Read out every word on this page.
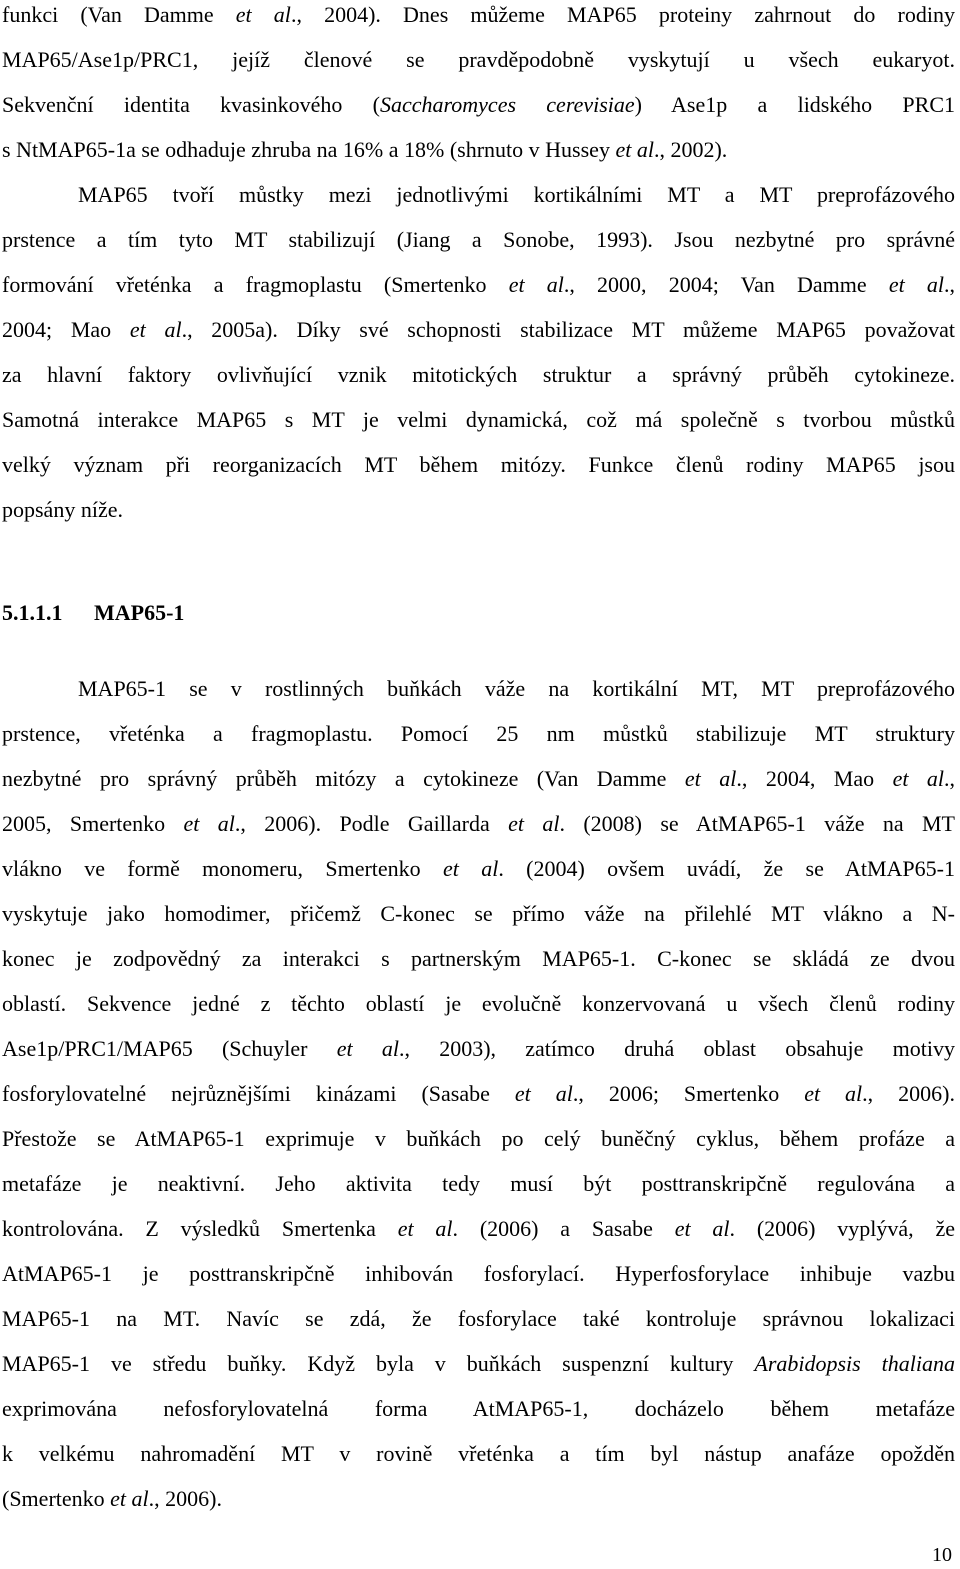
funkci (Van Damme et al., 2004). Dnes můžeme MAP65 proteiny zahrnout do rodiny
MAP65/Ase1p/PRC1, jejíž členové se pravděpodobně vyskytují u všech eukaryot.
Sekvenční identita kvasinkového (Saccharomyces cerevisiae) Ase1p a lidského PRC1
s NtMAP65-1a se odhaduje zhruba na 16% a 18% (shrnuto v Hussey et al., 2002).
MAP65 tvoří můstky mezi jednotlivými kortikálními MT a MT preprofázového
prstence a tím tyto MT stabilizují (Jiang a Sonobe, 1993). Jsou nezbytné pro správné
formování vřeténka a fragmoplastu (Smertenko et al., 2000, 2004; Van Damme et al.,
2004; Mao et al., 2005a). Díky své schopnosti stabilizace MT můžeme MAP65 považovat
za hlavní faktory ovlivňující vznik mitotických struktur a správný průběh cytokineze.
Samotná interakce MAP65 s MT je velmi dynamická, což má společně s tvorbou můstků
velký význam při reorganizacích MT během mitózy. Funkce členů rodiny MAP65 jsou
popsány níže.
5.1.1.1 MAP65-1
MAP65-1 se v rostlinných buňkách váže na kortikální MT, MT preprofázového
prstence, vřeténka a fragmoplastu. Pomocí 25 nm můstků stabilizuje MT struktury
nezbytné pro správný průběh mitózy a cytokineze (Van Damme et al., 2004, Mao et al.,
2005, Smertenko et al., 2006). Podle Gaillarda et al. (2008) se AtMAP65-1 váže na MT
vlákno ve formě monomeru, Smertenko et al. (2004) ovšem uvádí, že se AtMAP65-1
vyskytuje jako homodimer, přičemž C-konec se přímo váže na přilehlé MT vlákno a N-
konec je zodpovědný za interakci s partnerským MAP65-1. C-konec se skládá ze dvou
oblastí. Sekvence jedné z těchto oblastí je evolučně konzervovaná u všech členů rodiny
Ase1p/PRC1/MAP65 (Schuyler et al., 2003), zatímco druhá oblast obsahuje motivy
fosforylovatelné nejrůznějšími kinázami (Sasabe et al., 2006; Smertenko et al., 2006).
Přestože se AtMAP65-1 exprimuje v buňkách po celý buněčný cyklus, během profáze a
metafáze je neaktivní. Jeho aktivita tedy musí být posttranskripčně regulována a
kontrolována. Z výsledků Smertenka et al. (2006) a Sasabe et al. (2006) vyplývá, že
AtMAP65-1 je posttranskripčně inhibován fosforylací. Hyperfosforylace inhibuje vazbu
MAP65-1 na MT. Navíc se zdá, že fosforylace také kontroluje správnou lokalizaci
MAP65-1 ve středu buňky. Když byla v buňkách suspenzní kultury Arabidopsis thaliana
exprimována nefosforylovatelná forma AtMAP65-1, docházelo během metafáze
k velkému nahromadění MT v rovině vřeténka a tím byl nástup anafáze opožděn
(Smertenko et al., 2006).
10
